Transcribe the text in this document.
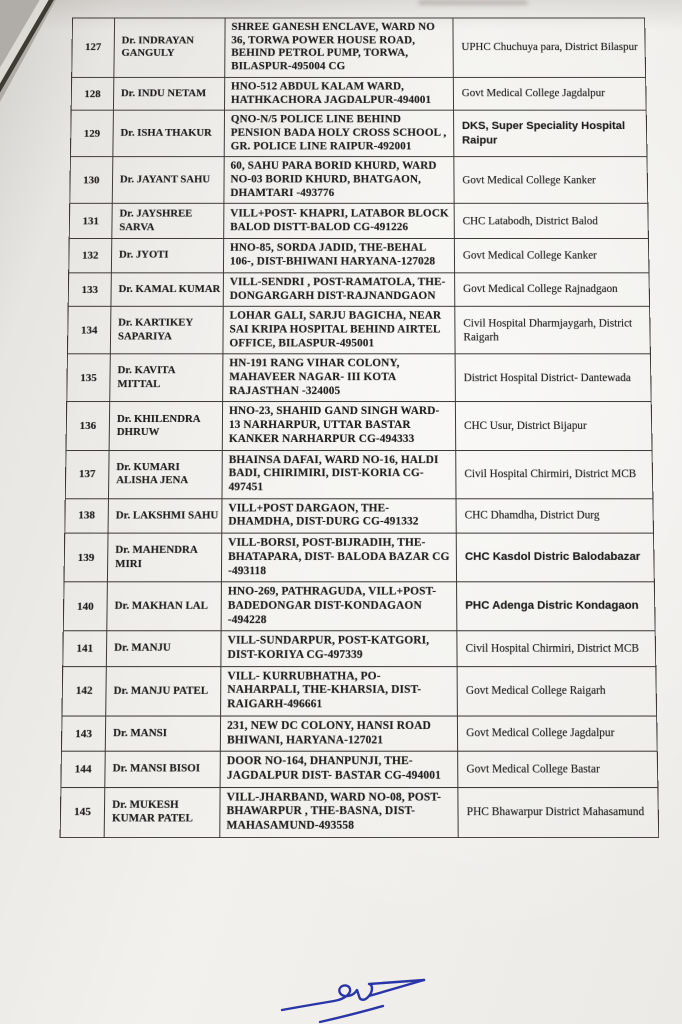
127	Dr. INDRAYAN GANGULY	SHREE GANESH ENCLAVE, WARD NO 36, TORWA POWER HOUSE ROAD, BEHIND PETROL PUMP, TORWA, BILASPUR-495004 CG	UPHC Chuchuya para, District Bilaspur
128	Dr. INDU NETAM	HNO-512 ABDUL KALAM WARD, HATHKACHORA JAGDALPUR-494001	Govt Medical College Jagdalpur
129	Dr. ISHA THAKUR	QNO-N/5 POLICE LINE BEHIND PENSION BADA HOLY CROSS SCHOOL , GR. POLICE LINE RAIPUR-492001	DKS, Super Speciality Hospital Raipur
130	Dr. JAYANT SAHU	60, SAHU PARA BORID KHURD, WARD NO-03 BORID KHURD, BHATGAON, DHAMTARI -493776	Govt Medical College Kanker
131	Dr. JAYSHREE SARVA	VILL+POST- KHAPRI, LATABOR BLOCK BALOD DISTT-BALOD CG-491226	CHC Latabodh, District Balod
132	Dr. JYOTI	HNO-85, SORDA JADID, THE-BEHAL 106-, DIST-BHIWANI HARYANA-127028	Govt Medical College Kanker
133	Dr. KAMAL KUMAR	VILL-SENDRI , POST-RAMATOLA, THE-DONGARGARH DIST-RAJNANDGAON	Govt Medical College Rajnadgaon
134	Dr. KARTIKEY SAPARIYA	LOHAR GALI, SARJU BAGICHA, NEAR SAI KRIPA HOSPITAL BEHIND AIRTEL OFFICE, BILASPUR-495001	Civil Hospital Dharmjaygarh, District Raigarh
135	Dr. KAVITA MITTAL	HN-191 RANG VIHAR COLONY, MAHAVEER NAGAR- III KOTA RAJASTHAN -324005	District Hospital District- Dantewada
136	Dr. KHILENDRA DHRUW	HNO-23, SHAHID GAND SINGH WARD-13 NARHARPUR, UTTAR BASTAR KANKER NARHARPUR CG-494333	CHC Usur, District Bijapur
137	Dr. KUMARI ALISHA JENA	BHAINSA DAFAI, WARD NO-16, HALDI BADI, CHIRIMIRI, DIST-KORIA CG-497451	Civil Hospital Chirmiri, District MCB
138	Dr. LAKSHMI SAHU	VILL+POST DARGAON, THE-DHAMDHA, DIST-DURG CG-491332	CHC Dhamdha, District Durg
139	Dr. MAHENDRA MIRI	VILL-BORSI, POST-BIJRADIH, THE-BHATAPARA, DIST- BALODA BAZAR CG -493118	CHC Kasdol Distric Balodabazar
140	Dr. MAKHAN LAL	HNO-269, PATHRAGUDA, VILL+POST- BADEDONGAR DIST-KONDAGAON -494228	PHC Adenga Distric Kondagaon
141	Dr. MANJU	VILL-SUNDARPUR, POST-KATGORI, DIST-KORIYA CG-497339	Civil Hospital Chirmiri, District MCB
142	Dr. MANJU PATEL	VILL- KURRUBHATHA, PO-NAHARPALI, THE-KHARSIA, DIST-RAIGARH-496661	Govt Medical College Raigarh
143	Dr. MANSI	231, NEW DC COLONY, HANSI ROAD BHIWANI, HARYANA-127021	Govt Medical College Jagdalpur
144	Dr. MANSI BISOI	DOOR NO-164, DHANPUNJI, THE-JAGDALPUR DIST- BASTAR CG-494001	Govt Medical College Bastar
145	Dr. MUKESH KUMAR PATEL	VILL-JHARBAND, WARD NO-08, POST- BHAWARPUR , THE-BASNA, DIST- MAHASAMUND-493558	PHC Bhawarpur District Mahasamund
